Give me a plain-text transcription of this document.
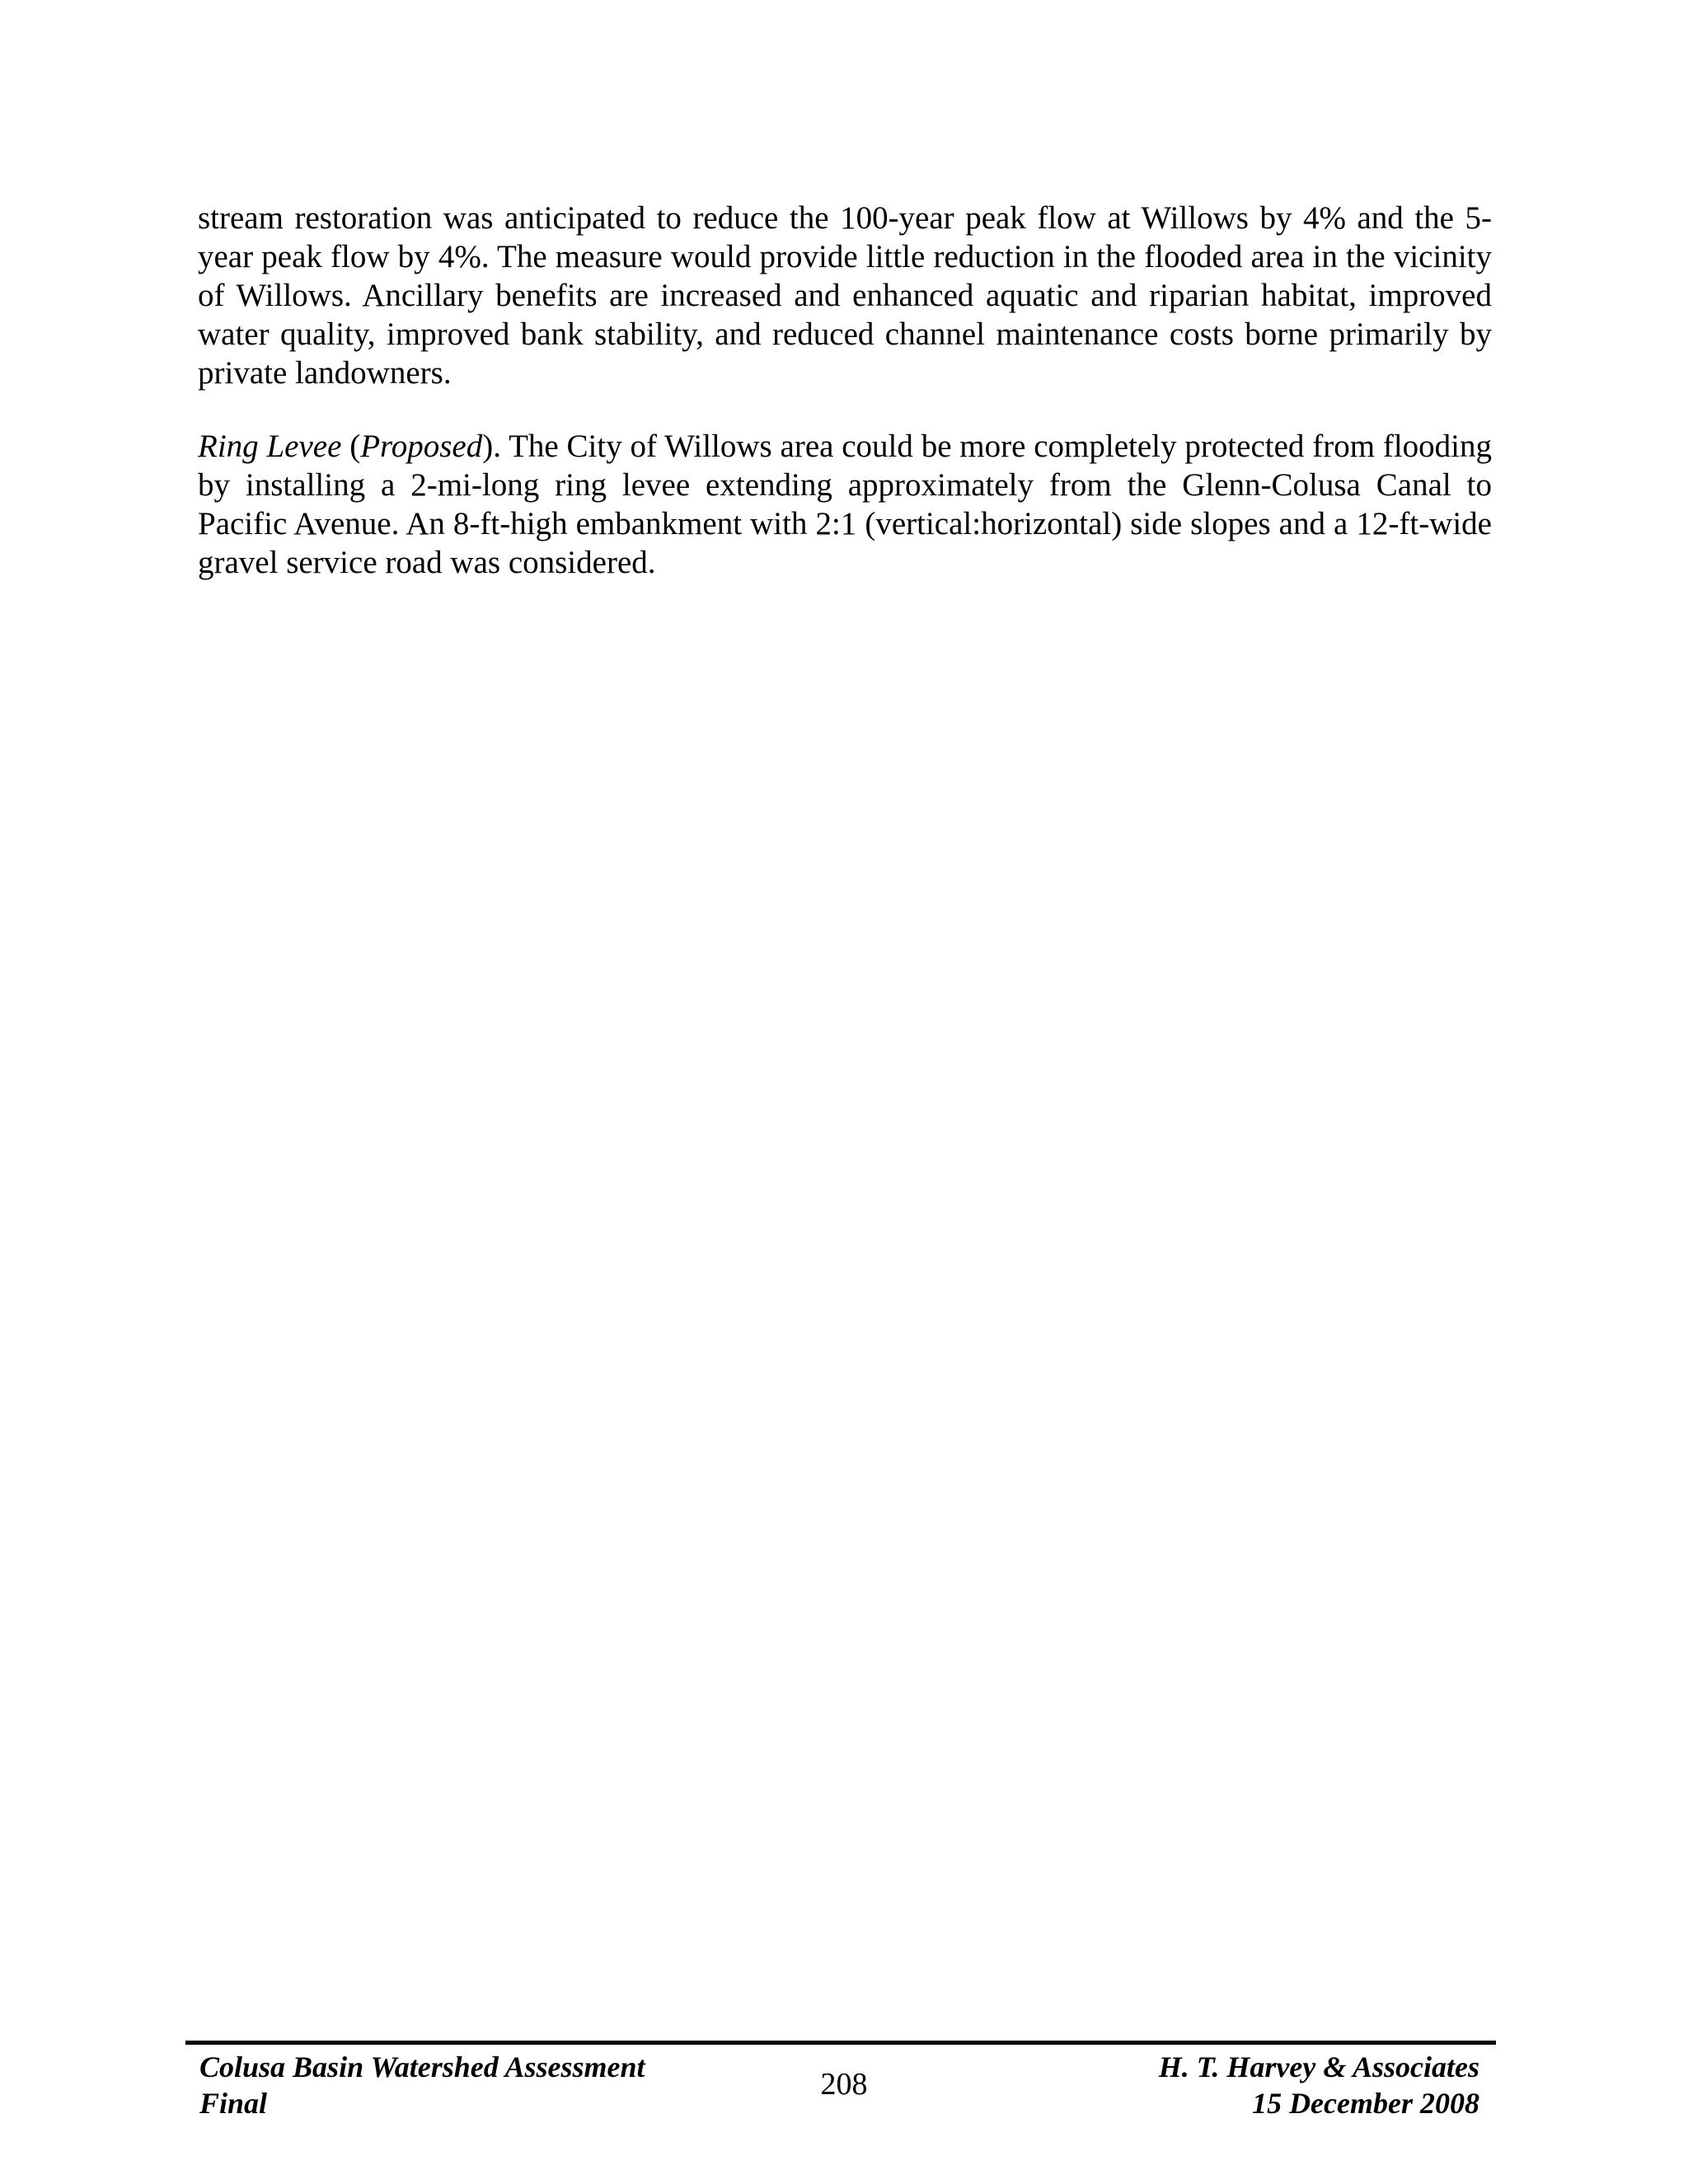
stream restoration was anticipated to reduce the 100-year peak flow at Willows by 4% and the 5-year peak flow by 4%. The measure would provide little reduction in the flooded area in the vicinity of Willows. Ancillary benefits are increased and enhanced aquatic and riparian habitat, improved water quality, improved bank stability, and reduced channel maintenance costs borne primarily by private landowners.

Ring Levee (Proposed). The City of Willows area could be more completely protected from flooding by installing a 2-mi-long ring levee extending approximately from the Glenn-Colusa Canal to Pacific Avenue. An 8-ft-high embankment with 2:1 (vertical:horizontal) side slopes and a 12-ft-wide gravel service road was considered.

Colusa Basin Watershed Assessment
Final
208	H. T. Harvey & Associates
15 December 2008
